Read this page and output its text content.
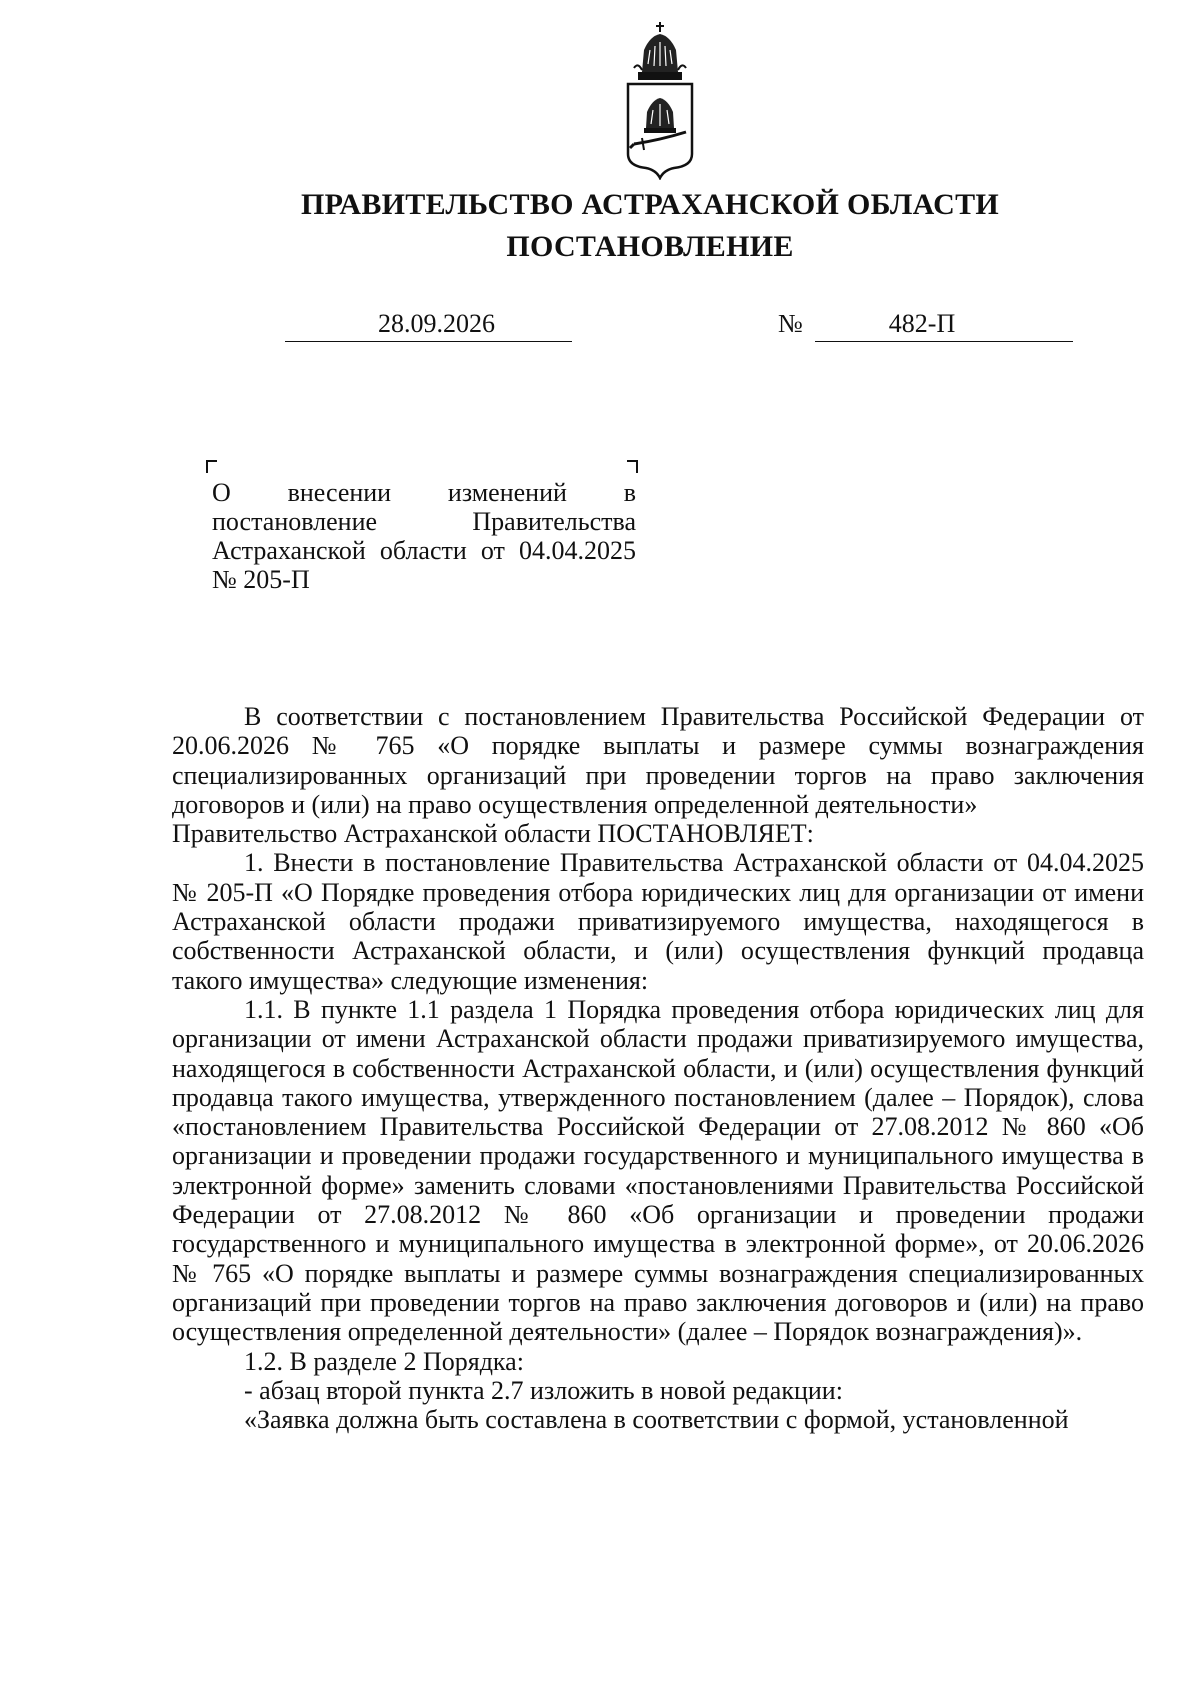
ПРАВИТЕЛЬСТВО АСТРАХАНСКОЙ ОБЛАСТИ
ПОСТАНОВЛЕНИЕ
28.09.2026	№	482-П
О внесении изменений в постановление Правительства Астраханской области от 04.04.2025 № 205-П

В соответствии с постановлением Правительства Российской Федерации от 20.06.2026 № 765 «О порядке выплаты и размере суммы вознаграждения специализированных организаций при проведении торгов на право заключения договоров и (или) на право осуществления определенной деятельности»

Правительство Астраханской области ПОСТАНОВЛЯЕТ:

1. Внести в постановление Правительства Астраханской области от 04.04.2025 № 205-П «О Порядке проведения отбора юридических лиц для организации от имени Астраханской области продажи приватизируемого имущества, находящегося в собственности Астраханской области, и (или) осуществления функций продавца такого имущества» следующие изменения:

1.1. В пункте 1.1 раздела 1 Порядка проведения отбора юридических лиц для организации от имени Астраханской области продажи приватизируемого имущества, находящегося в собственности Астраханской области, и (или) осуществления функций продавца такого имущества, утвержденного постановлением (далее – Порядок), слова «постановлением Правительства Российской Федерации от 27.08.2012 № 860 «Об организации и проведении продажи государственного и муниципального имущества в электронной форме» заменить словами «постановлениями Правительства Российской Федерации от 27.08.2012 № 860 «Об организации и проведении продажи государственного и муниципального имущества в электронной форме», от 20.06.2026 № 765 «О порядке выплаты и размере суммы вознаграждения специализированных организаций при проведении торгов на право заключения договоров и (или) на право осуществления определенной деятельности» (далее – Порядок вознаграждения)».

1.2. В разделе 2 Порядка:

- абзац второй пункта 2.7 изложить в новой редакции:

«Заявка должна быть составлена в соответствии с формой, установленной
